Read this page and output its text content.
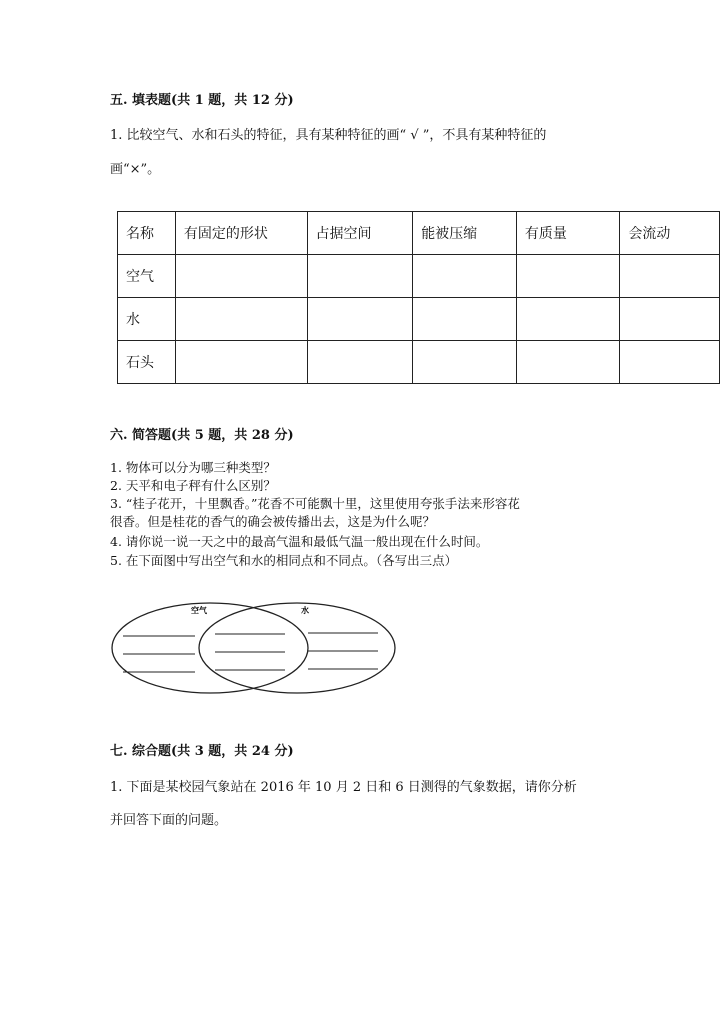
五. 填表题(共 1 题，共 12 分)
1. 比较空气、水和石头的特征，具有某种特征的画“ √ ”，不具有某种特征的
画“×”。
名称	有固定的形状	占据空间	能被压缩	有质量	会流动
空气					
水					
石头					
六. 简答题(共 5 题，共 28 分)
1. 物体可以分为哪三种类型？
2. 天平和电子秤有什么区别？
3. “桂子花开，十里飘香。”花香不可能飘十里，这里使用夸张手法来形容花
很香。但是桂花的香气的确会被传播出去，这是为什么呢？
4. 请你说一说一天之中的最高气温和最低气温一般出现在什么时间。
5. 在下面图中写出空气和水的相同点和不同点。（各写出三点）
空气	水
七. 综合题(共 3 题，共 24 分)
1. 下面是某校园气象站在 2016 年 10 月 2 日和 6 日测得的气象数据，请你分析
并回答下面的问题。
